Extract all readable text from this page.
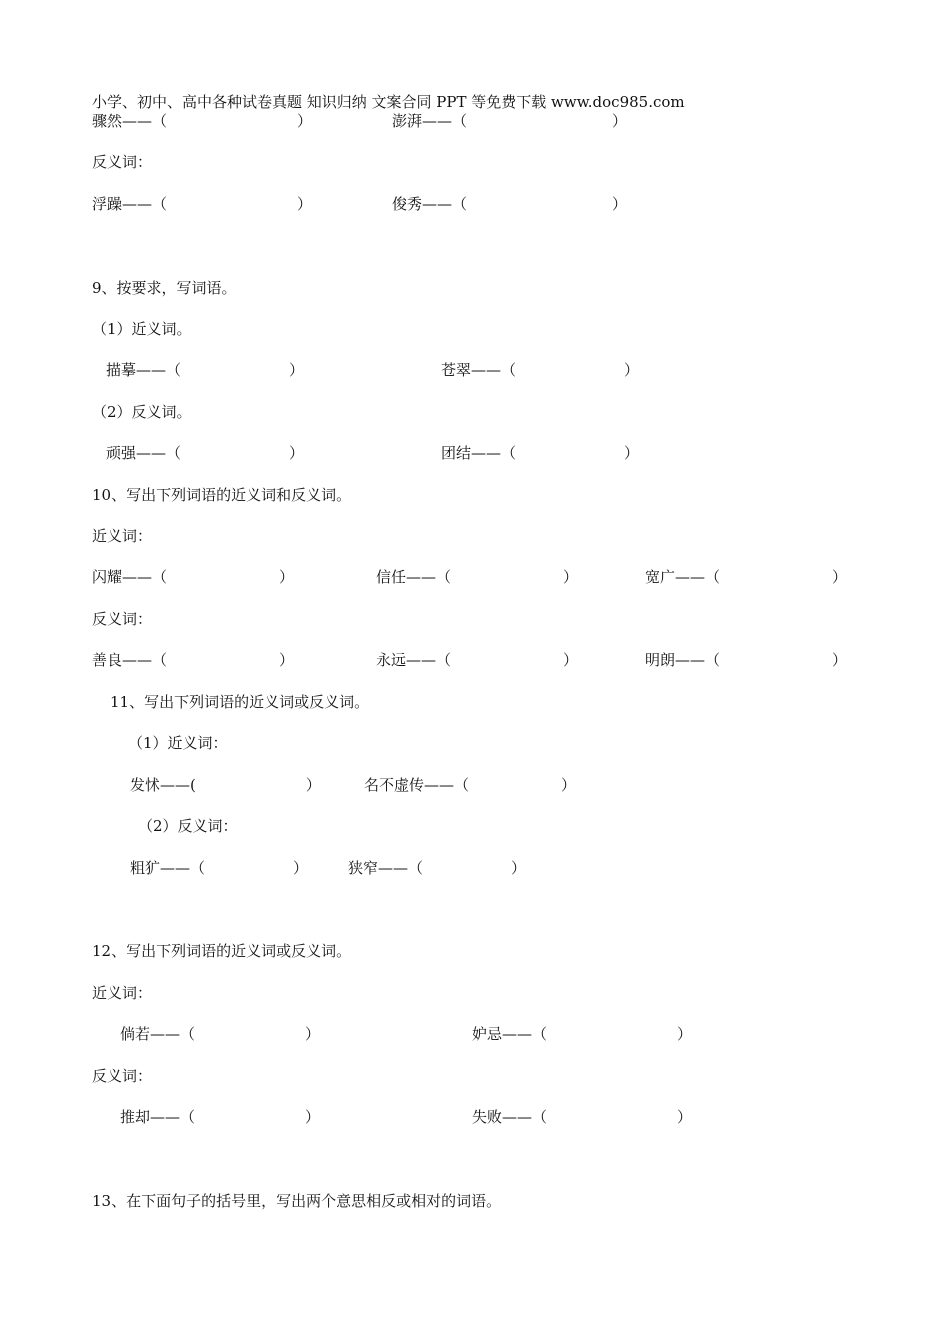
小学、初中、高中各种试卷真题 知识归纳 文案合同 PPT 等免费下载 www.doc985.com
骤然——（	）	澎湃——（	）
反义词：
浮躁——（	）	俊秀——（	）
9、按要求，写词语。
（1）近义词。
描摹——（	）	苍翠——（	）
（2）反义词。
顽强——（	）	团结——（	）
10、写出下列词语的近义词和反义词。
近义词：
闪耀——（	）	信任——（	）	宽广——（	）
反义词：
善良——（	）	永远——（	）	明朗——（	）
11、写出下列词语的近义词或反义词。
（1）近义词：
发怵——(	）	名不虚传——（	）
（2）反义词：
粗犷——（	）	狭窄——（	）
12、写出下列词语的近义词或反义词。
近义词：
倘若——（	）	妒忌——（	）
反义词：
推却——（	）	失败——（	）
13、在下面句子的括号里，写出两个意思相反或相对的词语。
